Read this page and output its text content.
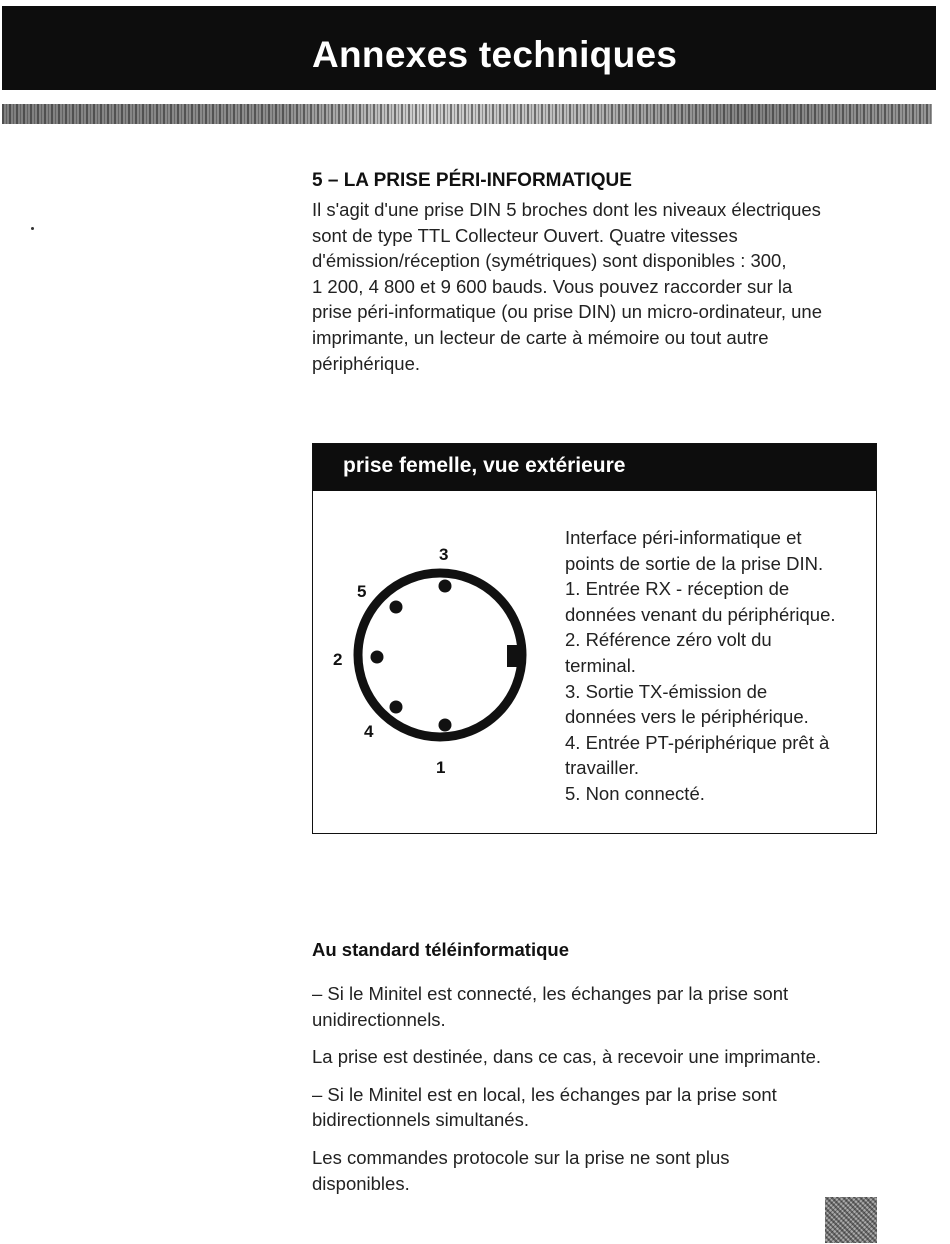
Annexes techniques
5 – LA PRISE PÉRI-INFORMATIQUE
Il s'agit d'une prise DIN 5 broches dont les niveaux électriques
sont de type TTL Collecteur Ouvert. Quatre vitesses
d'émission/réception (symétriques) sont disponibles : 300,
1 200, 4 800 et 9 600 bauds. Vous pouvez raccorder sur la
prise péri-informatique (ou prise DIN) un micro-ordinateur, une
imprimante, un lecteur de carte à mémoire ou tout autre
périphérique.
prise femelle, vue extérieure
3
5
2
4
1

Interface péri-informatique et

points de sortie de la prise DIN.

1. Entrée RX - réception de

données venant du périphérique.

2. Référence zéro volt du

terminal.

3. Sortie TX-émission de

données vers le périphérique.

4. Entrée PT-périphérique prêt à

travailler.

5. Non connecté.

Au standard téléinformatique

– Si le Minitel est connecté, les échanges par la prise sont
unidirectionnels.

La prise est destinée, dans ce cas, à recevoir une imprimante.

– Si le Minitel est en local, les échanges par la prise sont
bidirectionnels simultanés.

Les commandes protocole sur la prise ne sont plus
disponibles.
